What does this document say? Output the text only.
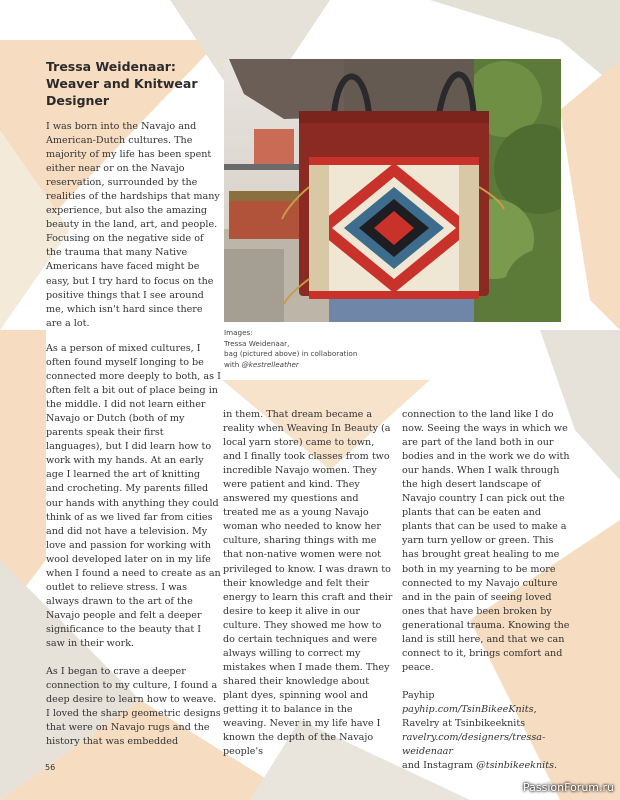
Tressa Weidenaar:
Weaver and Knitwear
Designer
Images:
Tressa Weidenaar,
bag (pictured above) in collaboration
with @kestrelleather

I was born into the Navajo and American-Dutch cultures. The majority of my life has been spent either near or on the Navajo reservation, surrounded by the realities of the hardships that many experience, but also the amazing beauty in the land, art, and people. Focusing on the negative side of the trauma that many Native Americans have faced might be easy, but I try hard to focus on the positive things that I see around me, which isn't hard since there are a lot.

As a person of mixed cultures, I often found myself longing to be connected more deeply to both, as I often felt a bit out of place being in the middle. I did not learn either Navajo or Dutch (both of my parents speak their first languages), but I did learn how to work with my hands. At an early age I learned the art of knitting and crocheting. My parents filled our hands with anything they could think of as we lived far from cities and did not have a television. My love and passion for working with wool developed later on in my life when I found a need to create as an outlet to relieve stress. I was always drawn to the art of the Navajo people and felt a deeper significance to the beauty that I saw in their work.

As I began to crave a deeper connection to my culture, I found a deep desire to learn how to weave. I loved the sharp geometric designs that were on Navajo rugs and the history that was embedded

in them. That dream became a reality when Weaving In Beauty (a local yarn store) came to town, and I finally took classes from two incredible Navajo women. They were patient and kind. They answered my questions and treated me as a young Navajo woman who needed to know her culture, sharing things with me that non-native women were not privileged to know. I was drawn to their knowledge and felt their energy to learn this craft and their desire to keep it alive in our culture. They showed me how to do certain techniques and were always willing to correct my mistakes when I made them. They shared their knowledge about plant dyes, spinning wool and getting it to balance in the weaving. Never in my life have I known the depth of the Navajo people's

connection to the land like I do now. Seeing the ways in which we are part of the land both in our bodies and in the work we do with our hands. When I walk through the high desert landscape of Navajo country I can pick out the plants that can be eaten and plants that can be used to make a yarn turn yellow or green. This has brought great healing to me both in my yearning to be more connected to my Navajo culture and in the pain of seeing loved ones that have been broken by generational trauma. Knowing the land is still here, and that we can connect to it, brings comfort and peace.

Payhip payhip.com/TsinBikeeKnits,
Ravelry at Tsinbikeeknits
ravelry.com/designers/tressa-weidenaar
and Instagram @tsinbikeeknits.

56
PassionForum.ru
